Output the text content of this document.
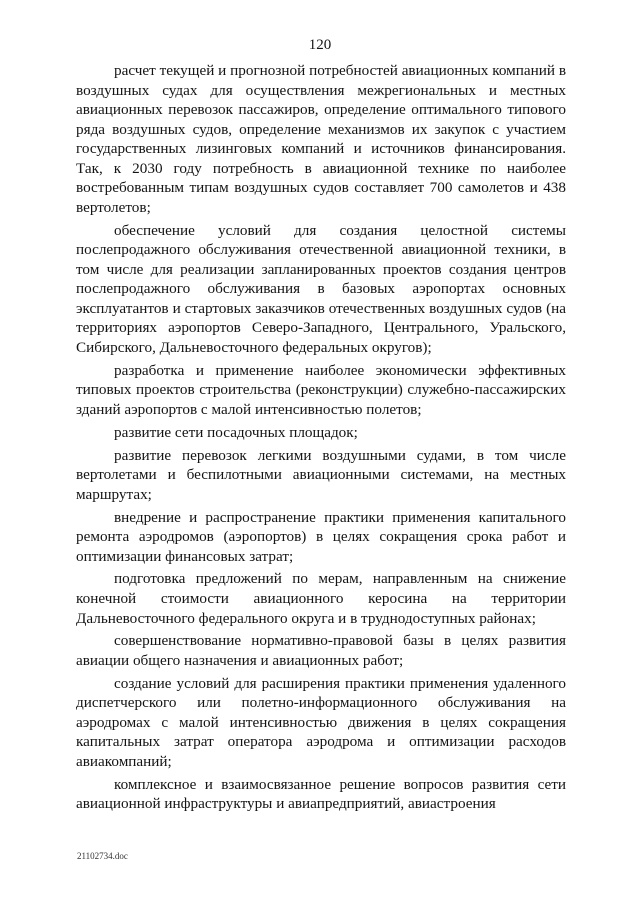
120

расчет текущей и прогнозной потребностей авиационных компаний в воздушных судах для осуществления межрегиональных и местных авиационных перевозок пассажиров, определение оптимального типового ряда воздушных судов, определение механизмов их закупок с участием государственных лизинговых компаний и источников финансирования. Так, к 2030 году потребность в авиационной технике по наиболее востребованным типам воздушных судов составляет 700 самолетов и 438 вертолетов;

обеспечение условий для создания целостной системы послепродажного обслуживания отечественной авиационной техники, в том числе для реализации запланированных проектов создания центров послепродажного обслуживания в базовых аэропортах основных эксплуатантов и стартовых заказчиков отечественных воздушных судов (на территориях аэропортов Северо-Западного, Центрального, Уральского, Сибирского, Дальневосточного федеральных округов);

разработка и применение наиболее экономически эффективных типовых проектов строительства (реконструкции) служебно-пассажирских зданий аэропортов с малой интенсивностью полетов;

развитие сети посадочных площадок;

развитие перевозок легкими воздушными судами, в том числе вертолетами и беспилотными авиационными системами, на местных маршрутах;

внедрение и распространение практики применения капитального ремонта аэродромов (аэропортов) в целях сокращения срока работ и оптимизации финансовых затрат;

подготовка предложений по мерам, направленным на снижение конечной стоимости авиационного керосина на территории Дальневосточного федерального округа и в труднодоступных районах;

совершенствование нормативно-правовой базы в целях развития авиации общего назначения и авиационных работ;

создание условий для расширения практики применения удаленного диспетчерского или полетно-информационного обслуживания на аэродромах с малой интенсивностью движения в целях сокращения капитальных затрат оператора аэродрома и оптимизации расходов авиакомпаний;

комплексное и взаимосвязанное решение вопросов развития сети авиационной инфраструктуры и авиапредприятий, авиастроения

21102734.doc
